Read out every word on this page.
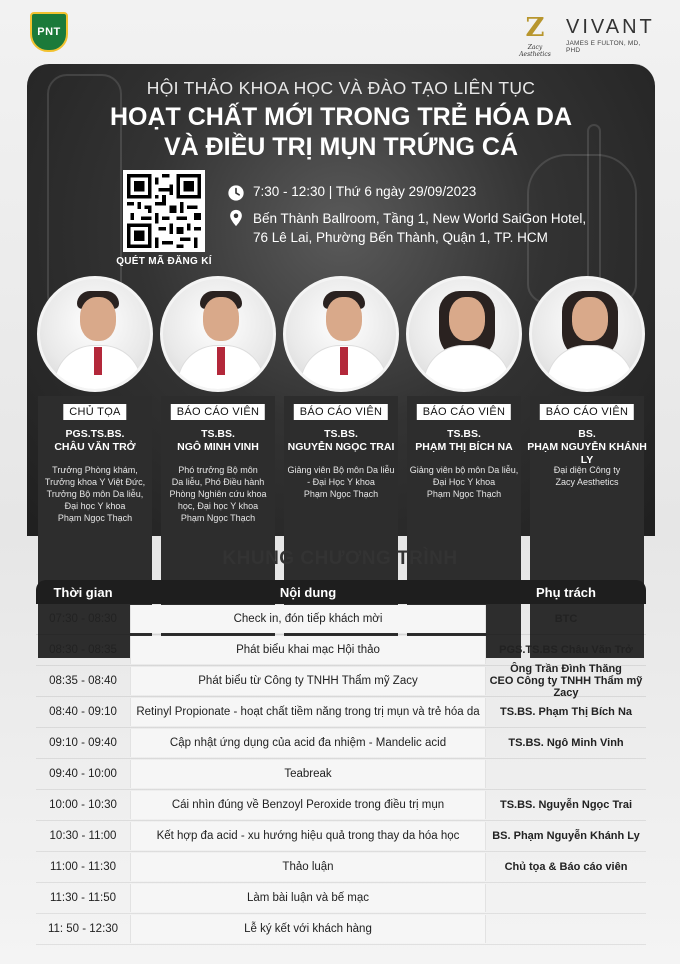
PNT	Z
Zacy Aesthetics
VIVANT
JAMES E FULTON, MD, PHD
HỘI THẢO KHOA HỌC VÀ ĐÀO TẠO LIÊN TỤC
HOẠT CHẤT MỚI TRONG TRẺ HÓA DA
VÀ ĐIỀU TRỊ MỤN TRỨNG CÁ
QUÉT MÃ ĐĂNG KÍ
7:30 - 12:30 | Thứ 6 ngày 29/09/2023
Bến Thành Ballroom, Tầng 1, New World SaiGon Hotel,
76 Lê Lai, Phường Bến Thành, Quận 1, TP. HCM
CHỦ TỌA
PGS.TS.BS.
CHÂU VĂN TRỞ
Trưởng Phòng khám,
Trưởng khoa Y Việt Đức,
Trưởng Bộ môn Da liễu,
Đại học Y khoa
Phạm Ngọc Thạch
BÁO CÁO VIÊN
TS.BS.
NGÔ MINH VINH
Phó trưởng Bộ môn
Da liễu, Phó Điều hành
Phòng Nghiên cứu khoa
học, Đại học Y khoa
Phạm Ngọc Thạch
BÁO CÁO VIÊN
TS.BS.
NGUYỄN NGỌC TRAI
Giảng viên Bộ môn Da liễu
- Đại Học Y khoa
Phạm Ngọc Thạch
BÁO CÁO VIÊN
TS.BS.
PHẠM THỊ BÍCH NA
Giảng viên bộ môn Da liễu,
Đại Học Y khoa
Phạm Ngọc Thạch
BÁO CÁO VIÊN
BS.
PHẠM NGUYỄN KHÁNH LY
Đại diện Công ty
Zacy Aesthetics
KHUNG CHƯƠNG TRÌNH
Thời gian	Nội dung	Phụ trách
07:30 - 08:30	Check in, đón tiếp khách mời	BTC
08:30 - 08:35	Phát biểu khai mạc Hội thảo	PGS.TS.BS Châu Văn Trở
08:35 - 08:40	Phát biểu từ Công ty TNHH Thẩm mỹ Zacy
Ông Trần Đình Thăng
CEO Công ty TNHH Thẩm mỹ Zacy
08:40 - 09:10	Retinyl Propionate - hoạt chất tiềm năng trong trị mụn và trẻ hóa da	TS.BS. Phạm Thị Bích Na
09:10 - 09:40	Cập nhật ứng dụng của acid đa nhiệm - Mandelic acid	TS.BS. Ngô Minh Vinh
09:40 - 10:00	Teabreak
10:00 - 10:30	Cái nhìn đúng về Benzoyl Peroxide trong điều trị mụn	TS.BS. Nguyễn Ngọc Trai
10:30 - 11:00	Kết hợp đa acid - xu hướng hiệu quả trong thay da hóa học	BS. Phạm Nguyễn Khánh Ly
11:00 - 11:30	Thảo luận	Chủ tọa & Báo cáo viên
11:30 - 11:50	Làm bài luận và bế mạc
11: 50 - 12:30	Lễ ký kết với khách hàng
